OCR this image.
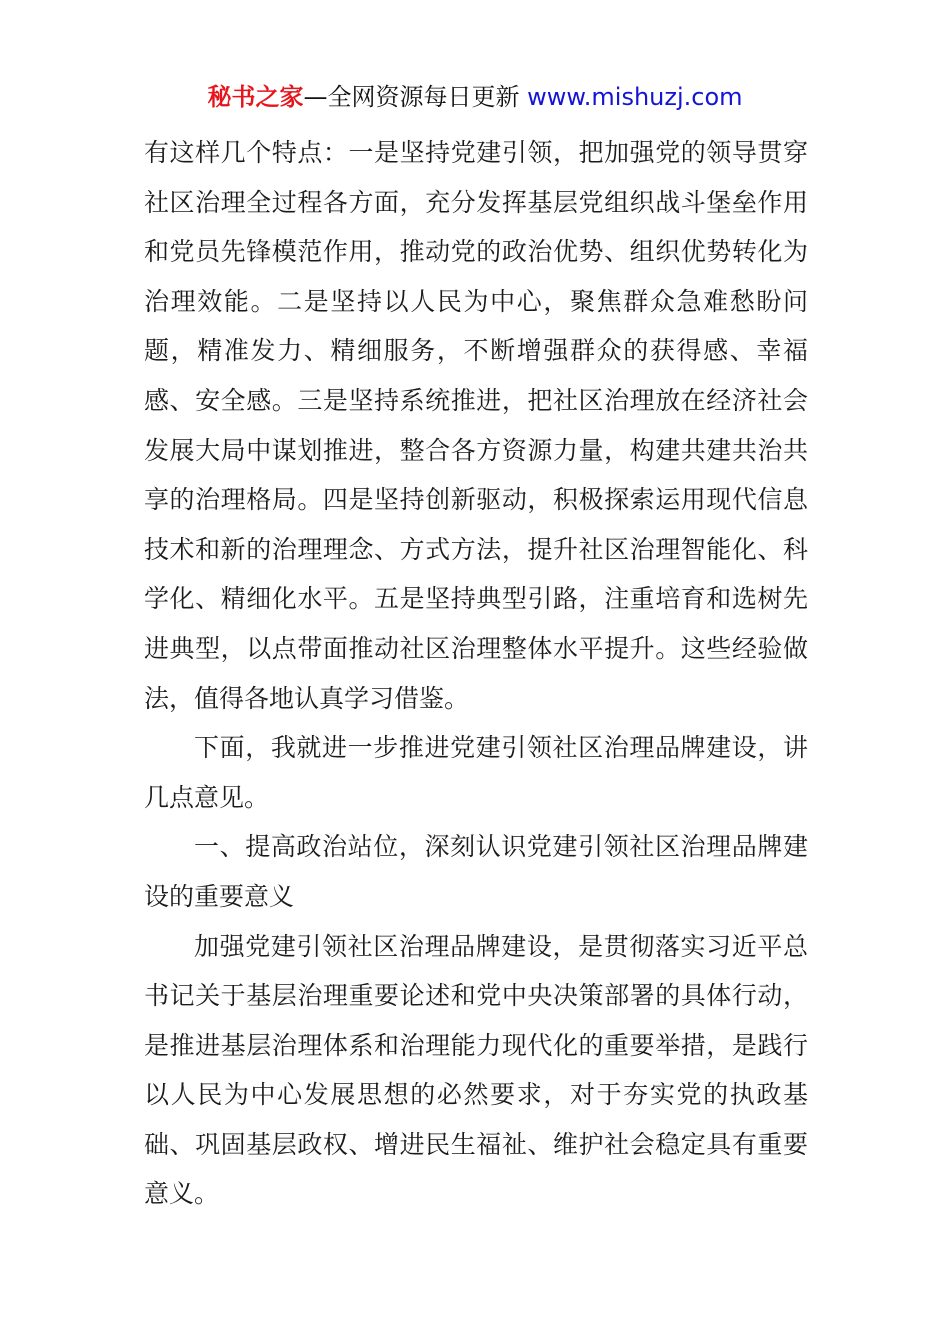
秘书之家—全网资源每日更新 www.mishuzj.com

有这样几个特点：一是坚持党建引领，把加强党的领导贯穿社区治理全过程各方面，充分发挥基层党组织战斗堡垒作用和党员先锋模范作用，推动党的政治优势、组织优势转化为治理效能。二是坚持以人民为中心，聚焦群众急难愁盼问题，精准发力、精细服务，不断增强群众的获得感、幸福感、安全感。三是坚持系统推进，把社区治理放在经济社会发展大局中谋划推进，整合各方资源力量，构建共建共治共享的治理格局。四是坚持创新驱动，积极探索运用现代信息技术和新的治理理念、方式方法，提升社区治理智能化、科学化、精细化水平。五是坚持典型引路，注重培育和选树先进典型，以点带面推动社区治理整体水平提升。这些经验做法，值得各地认真学习借鉴。

下面，我就进一步推进党建引领社区治理品牌建设，讲几点意见。

一、提高政治站位，深刻认识党建引领社区治理品牌建设的重要意义

加强党建引领社区治理品牌建设，是贯彻落实习近平总书记关于基层治理重要论述和党中央决策部署的具体行动，是推进基层治理体系和治理能力现代化的重要举措，是践行以人民为中心发展思想的必然要求，对于夯实党的执政基础、巩固基层政权、增进民生福祉、维护社会稳定具有重要意义。
